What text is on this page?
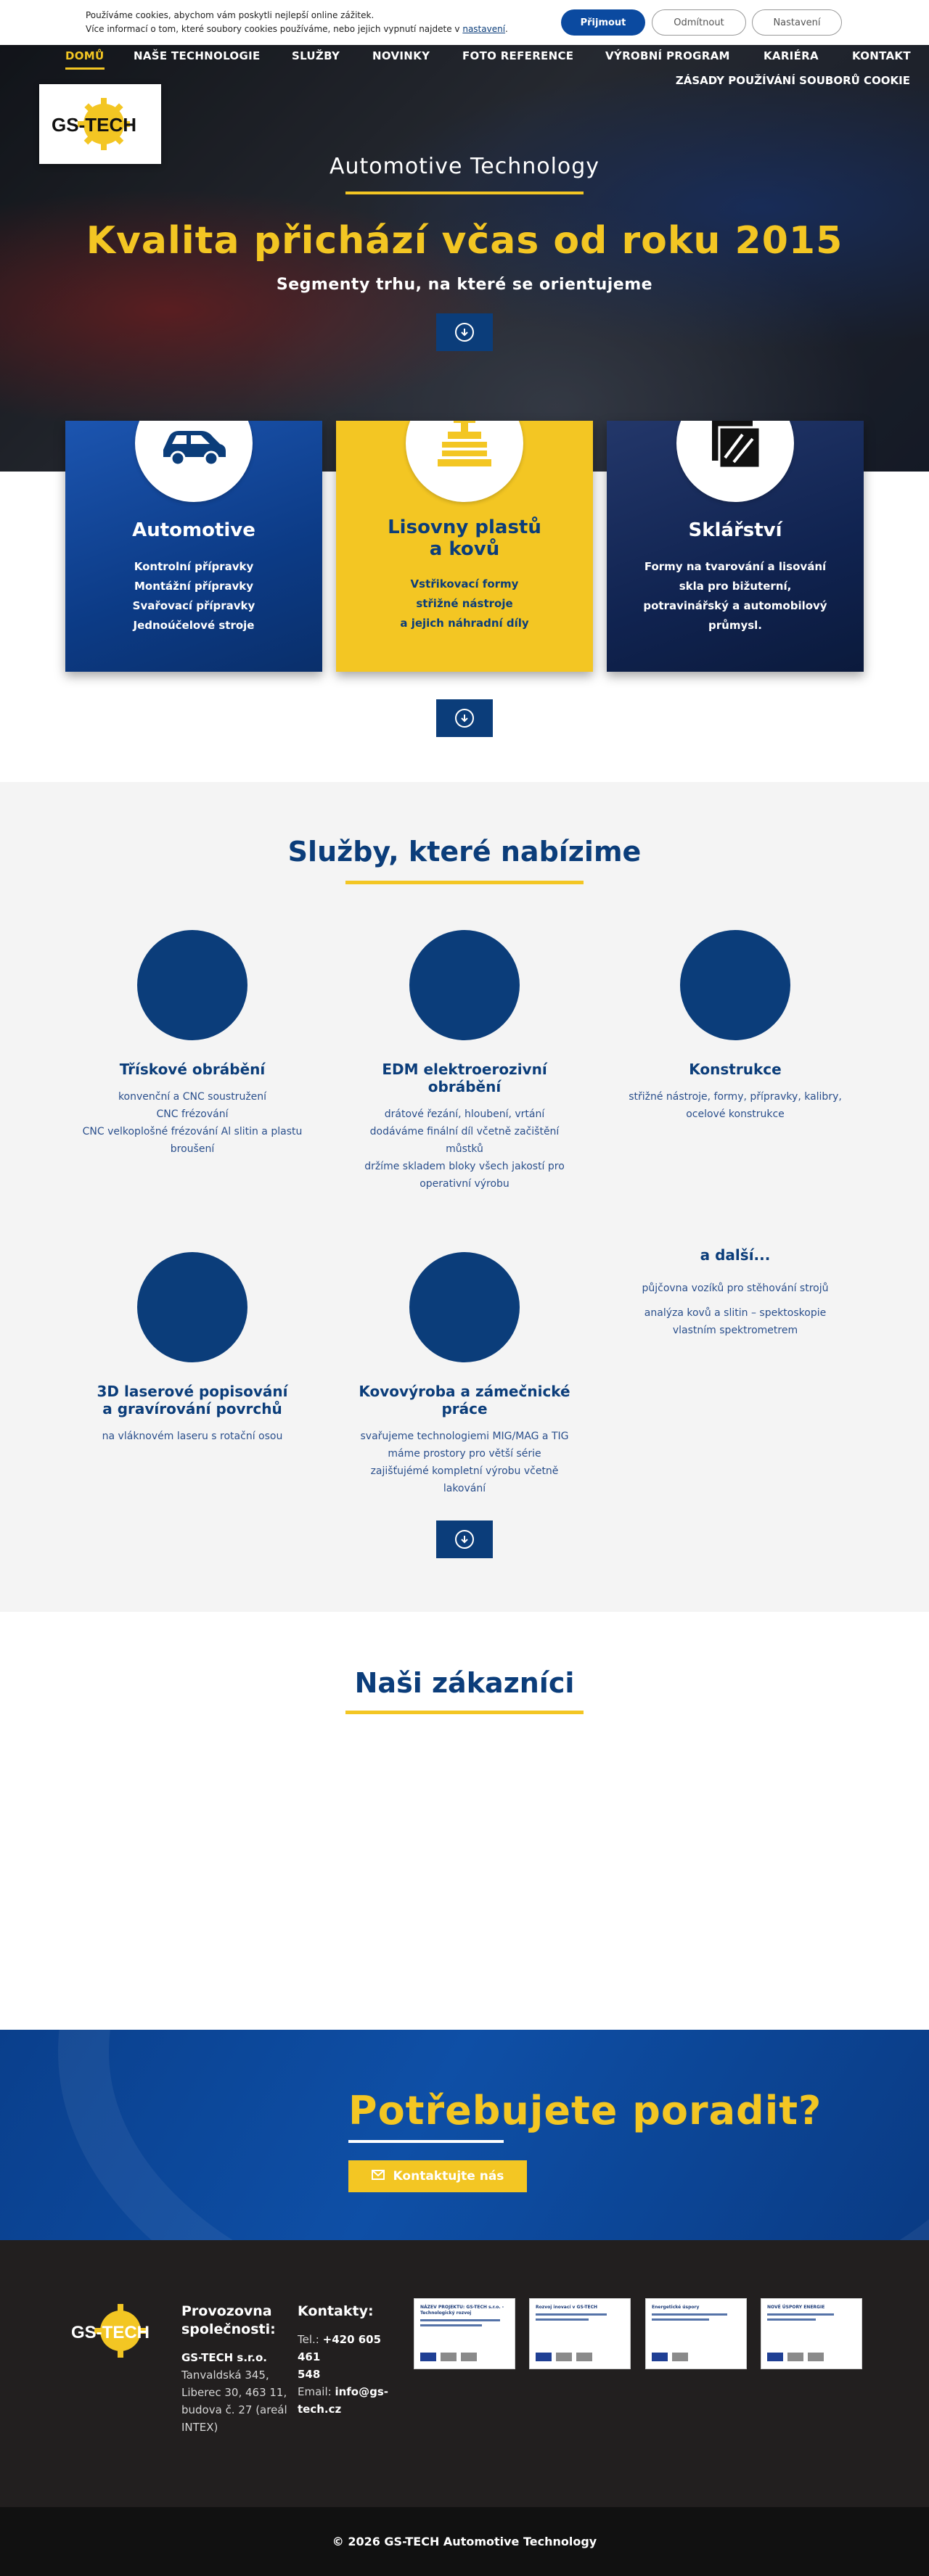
Používáme cookies, abychom vám poskytli nejlepší online zážitek.
Více informací o tom, které soubory cookies používáme, nebo jejich vypnutí najdete v nastavení.
Přijmout	Odmítnout	Nastavení
DOMŮ	NAŠE TECHNOLOGIE	SLUŽBY	NOVINKY	FOTO REFERENCE	VÝROBNÍ PROGRAM	KARIÉRA	KONTAKT
ZÁSADY POUŽÍVÁNÍ SOUBORŮ COOKIE
GS-TECH
Automotive Technology
Kvalita přichází včas od roku 2015
Segmenty trhu, na které se orientujeme
Automotive
Kontrolní přípravky
Montážní přípravky
Svařovací přípravky
Jednoúčelové stroje
Lisovny plastů
a kovů
Vstřikovací formy
střižné nástroje
a jejich náhradní díly
Sklářství
Formy na tvarování a lisování
skla pro bižuterní,
potravinářský a automobilový
průmysl.
Služby, které nabízime
Třískové obrábění
konvenční a CNC soustružení
CNC frézování
CNC velkoplošné frézování Al slitin a plastu
broušení
EDM elektroerozivní
obrábění
drátové řezání, hloubení, vrtání
dodáváme finální díl včetně začištění
můstků
držíme skladem bloky všech jakostí pro
operativní výrobu
Konstrukce
střižné nástroje, formy, přípravky, kalibry,
ocelové konstrukce
3D laserové popisování
a gravírování povrchů
na vláknovém laseru s rotační osou
Kovovýroba a zámečnické
práce
svařujeme technologiemi MIG/MAG a TIG
máme prostory pro větší série
zajišťujémé kompletní výrobu včetně
lakování
a další...
půjčovna vozíků pro stěhování strojů
analýza kovů a slitin – spektoskopie
vlastním spektrometrem
Naši zákazníci
Potřebujete poradit?
Kontaktujte nás
GS-TECH
Provozovna
společnosti:
GS-TECH s.r.o.
Tanvaldská 345,
Liberec 30, 463 11,
budova č. 27 (areál
INTEX)
Kontakty:
Tel.: +420 605 461
548
Email: info@gs-
tech.cz
NÁZEV PROJEKTU: GS-TECH s.r.o. - Technologický rozvoj
Rozvoj inovací v GS-TECH	Energetické úspory	NOVÉ ÚSPORY ENERGIE
© 2026 GS-TECH Automotive Technology
